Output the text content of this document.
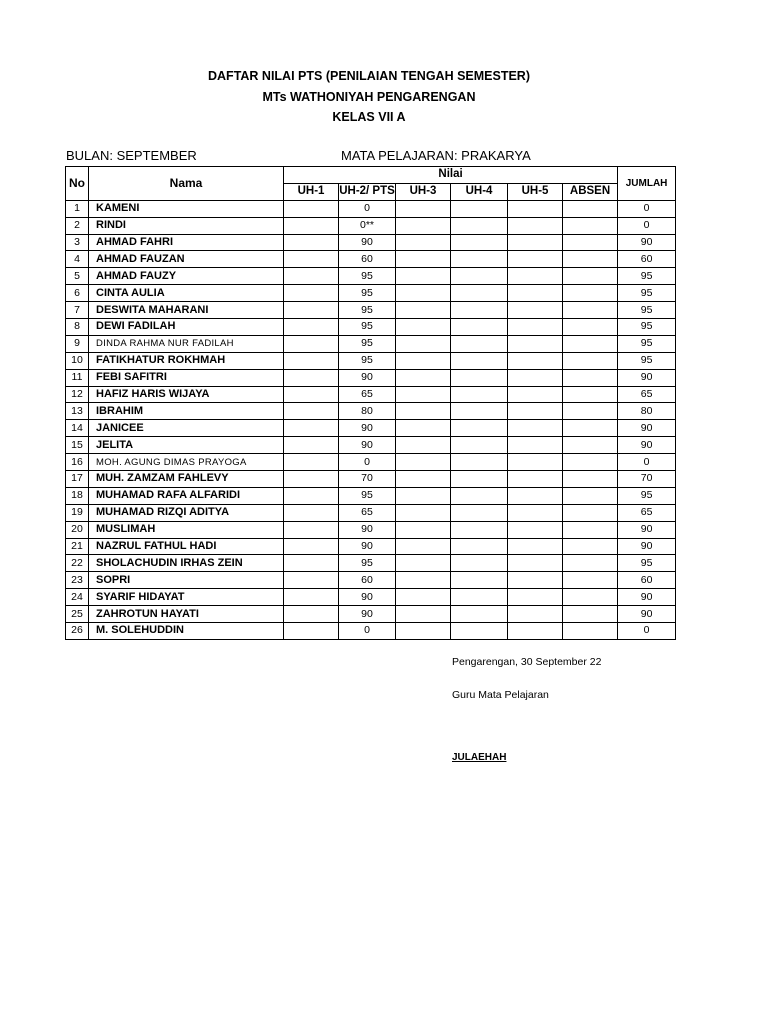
DAFTAR NILAI PTS (PENILAIAN TENGAH SEMESTER)
MTs WATHONIYAH PENGARENGAN
KELAS VII A
BULAN: SEPTEMBER	MATA PELAJARAN: PRAKARYA
No	Nama	Nilai						JUMLAH
		UH-1	UH-2/ PTS	UH-3	UH-4	UH-5	ABSEN	
1	KAMENI		0					0
2	RINDI		0**					0
3	AHMAD FAHRI		90					90
4	AHMAD FAUZAN		60					60
5	AHMAD FAUZY		95					95
6	CINTA AULIA		95					95
7	DESWITA MAHARANI		95					95
8	DEWI FADILAH		95					95
9	DINDA RAHMA NUR FADILAH		95					95
10	FATIKHATUR ROKHMAH		95					95
11	FEBI SAFITRI		90					90
12	HAFIZ HARIS WIJAYA		65					65
13	IBRAHIM		80					80
14	JANICEE		90					90
15	JELITA		90					90
16	MOH. AGUNG DIMAS PRAYOGA		0					0
17	MUH. ZAMZAM FAHLEVY		70					70
18	MUHAMAD RAFA ALFARIDI		95					95
19	MUHAMAD RIZQI ADITYA		65					65
20	MUSLIMAH		90					90
21	NAZRUL FATHUL HADI		90					90
22	SHOLACHUDIN IRHAS ZEIN		95					95
23	SOPRI		60					60
24	SYARIF HIDAYAT		90					90
25	ZAHROTUN HAYATI		90					90
26	M. SOLEHUDDIN		0					0
Pengarengan, 30 September 22
Guru Mata Pelajaran
JULAEHAH
